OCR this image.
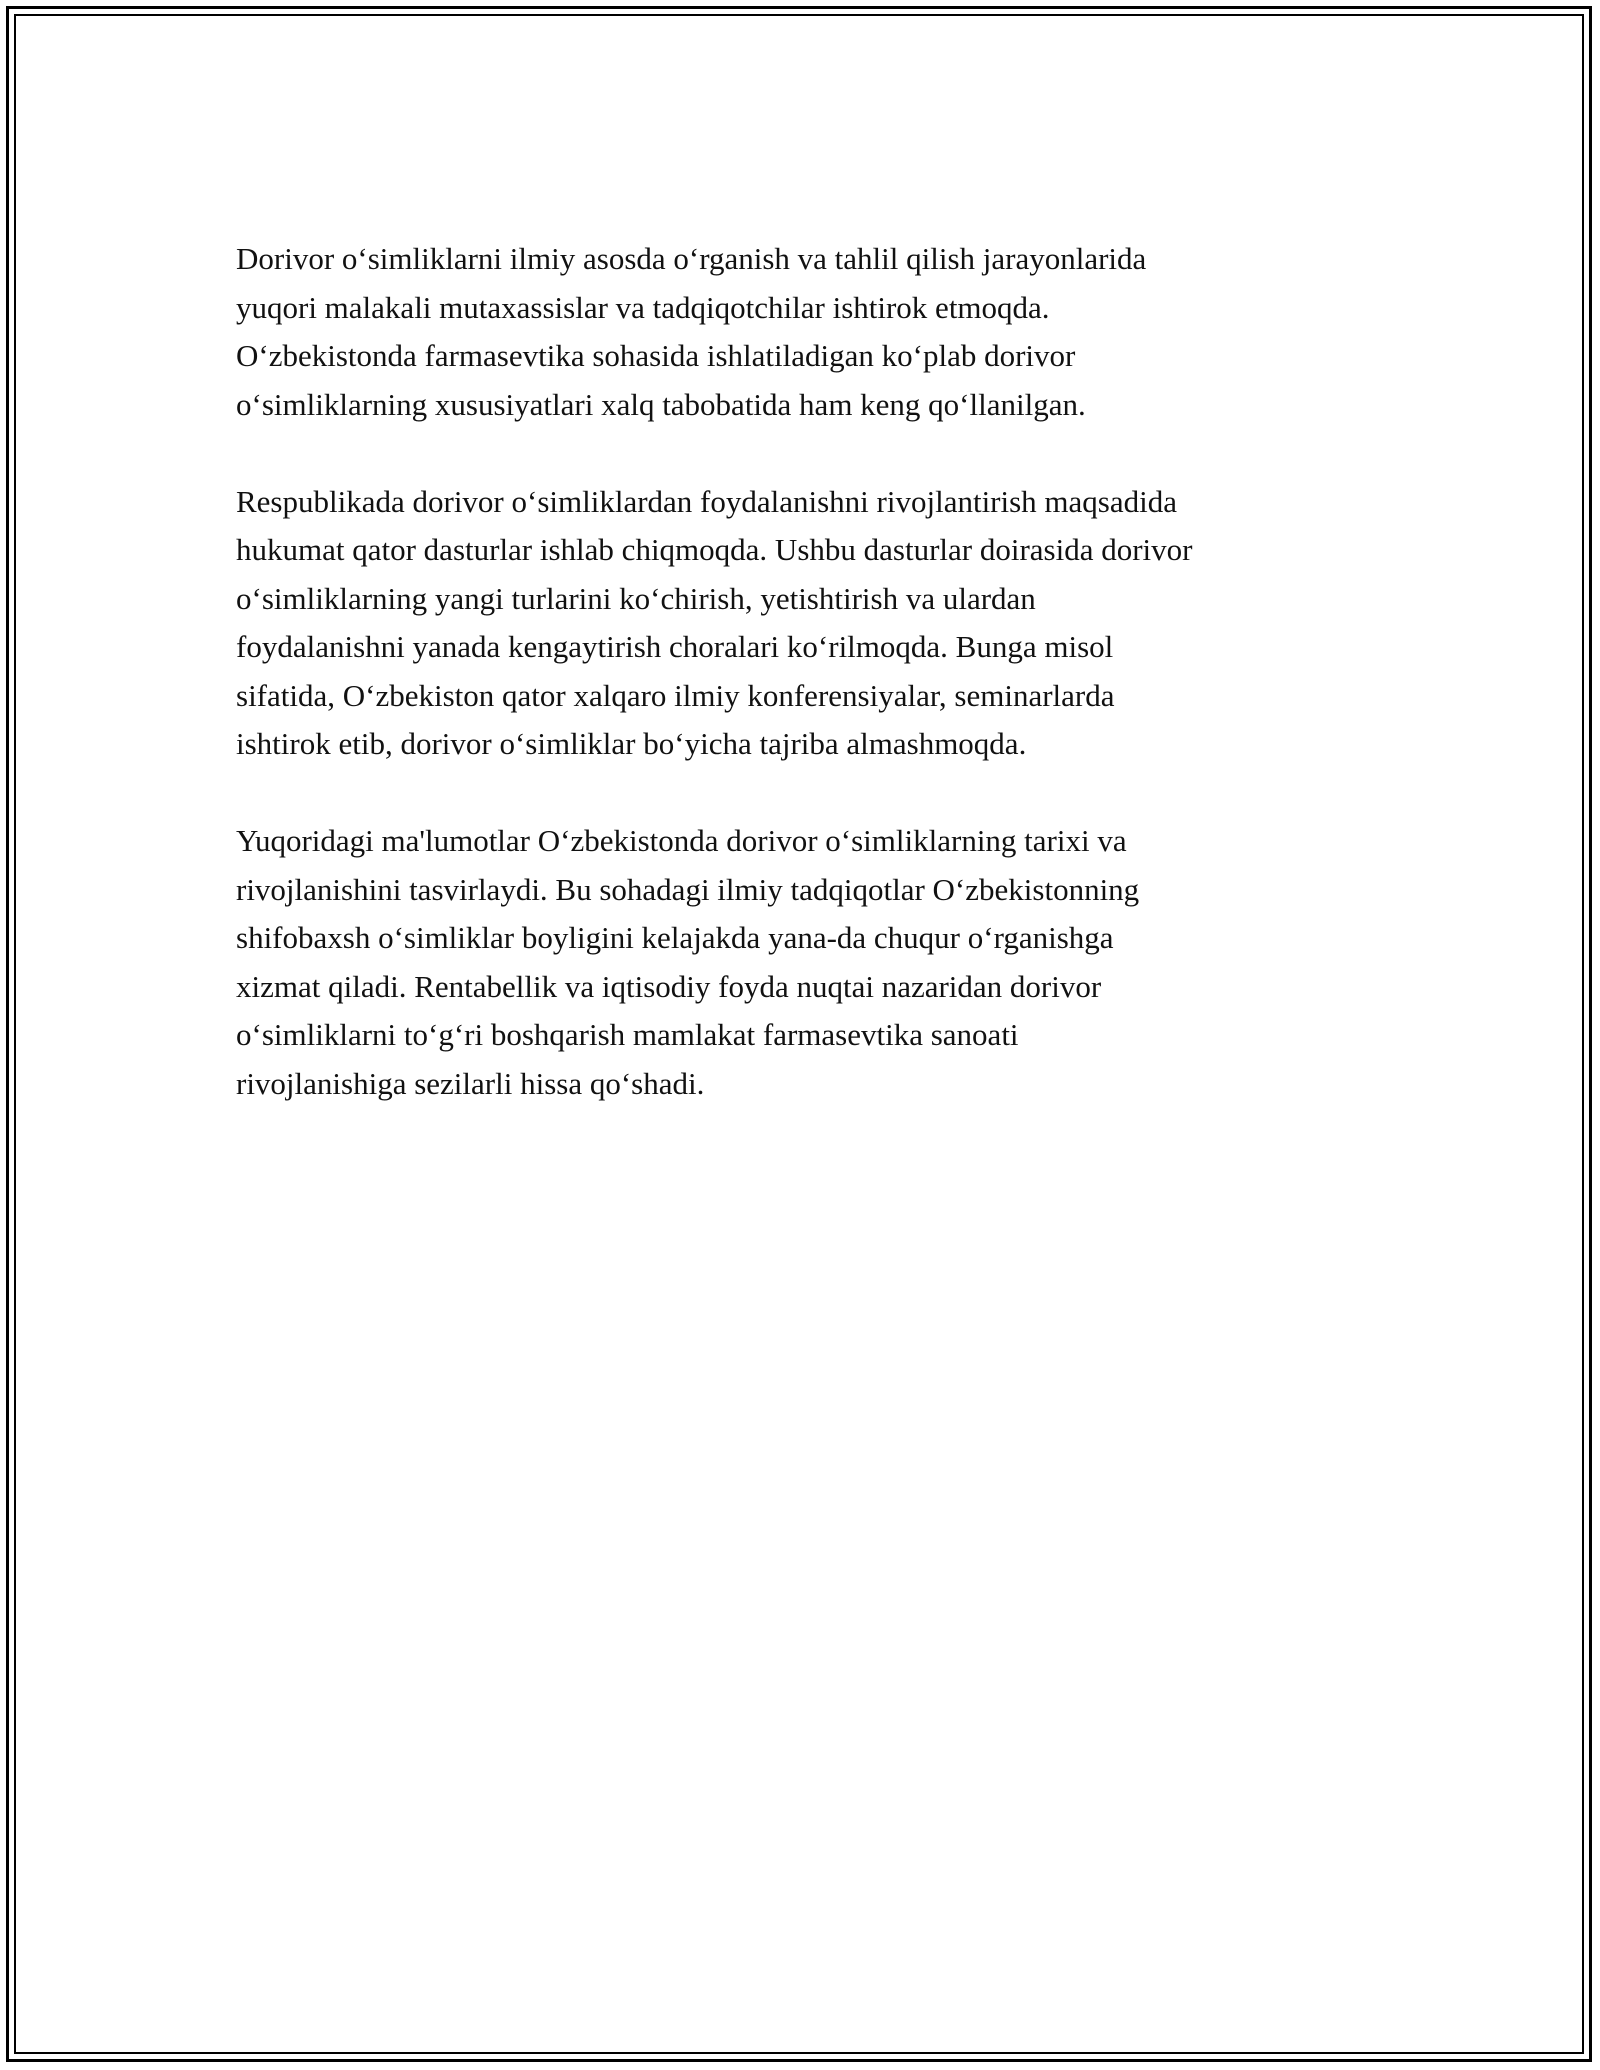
Dorivor o‘simliklarni ilmiy asosda o‘rganish va tahlil qilish jarayonlarida
yuqori malakali mutaxassislar va tadqiqotchilar ishtirok etmoqda.
O‘zbekistonda farmasevtika sohasida ishlatiladigan ko‘plab dorivor
o‘simliklarning xususiyatlari xalq tabobatida ham keng qo‘llanilgan.

Respublikada dorivor o‘simliklardan foydalanishni rivojlantirish maqsadida
hukumat qator dasturlar ishlab chiqmoqda. Ushbu dasturlar doirasida dorivor
o‘simliklarning yangi turlarini ko‘chirish, yetishtirish va ulardan
foydalanishni yanada kengaytirish choralari ko‘rilmoqda. Bunga misol
sifatida, O‘zbekiston qator xalqaro ilmiy konferensiyalar, seminarlarda
ishtirok etib, dorivor o‘simliklar bo‘yicha tajriba almashmoqda.

Yuqoridagi ma'lumotlar O‘zbekistonda dorivor o‘simliklarning tarixi va
rivojlanishini tasvirlaydi. Bu sohadagi ilmiy tadqiqotlar O‘zbekistonning
shifobaxsh o‘simliklar boyligini kelajakda yana-da chuqur o‘rganishga
xizmat qiladi. Rentabellik va iqtisodiy foyda nuqtai nazaridan dorivor
o‘simliklarni to‘g‘ri boshqarish mamlakat farmasevtika sanoati
rivojlanishiga sezilarli hissa qo‘shadi.
